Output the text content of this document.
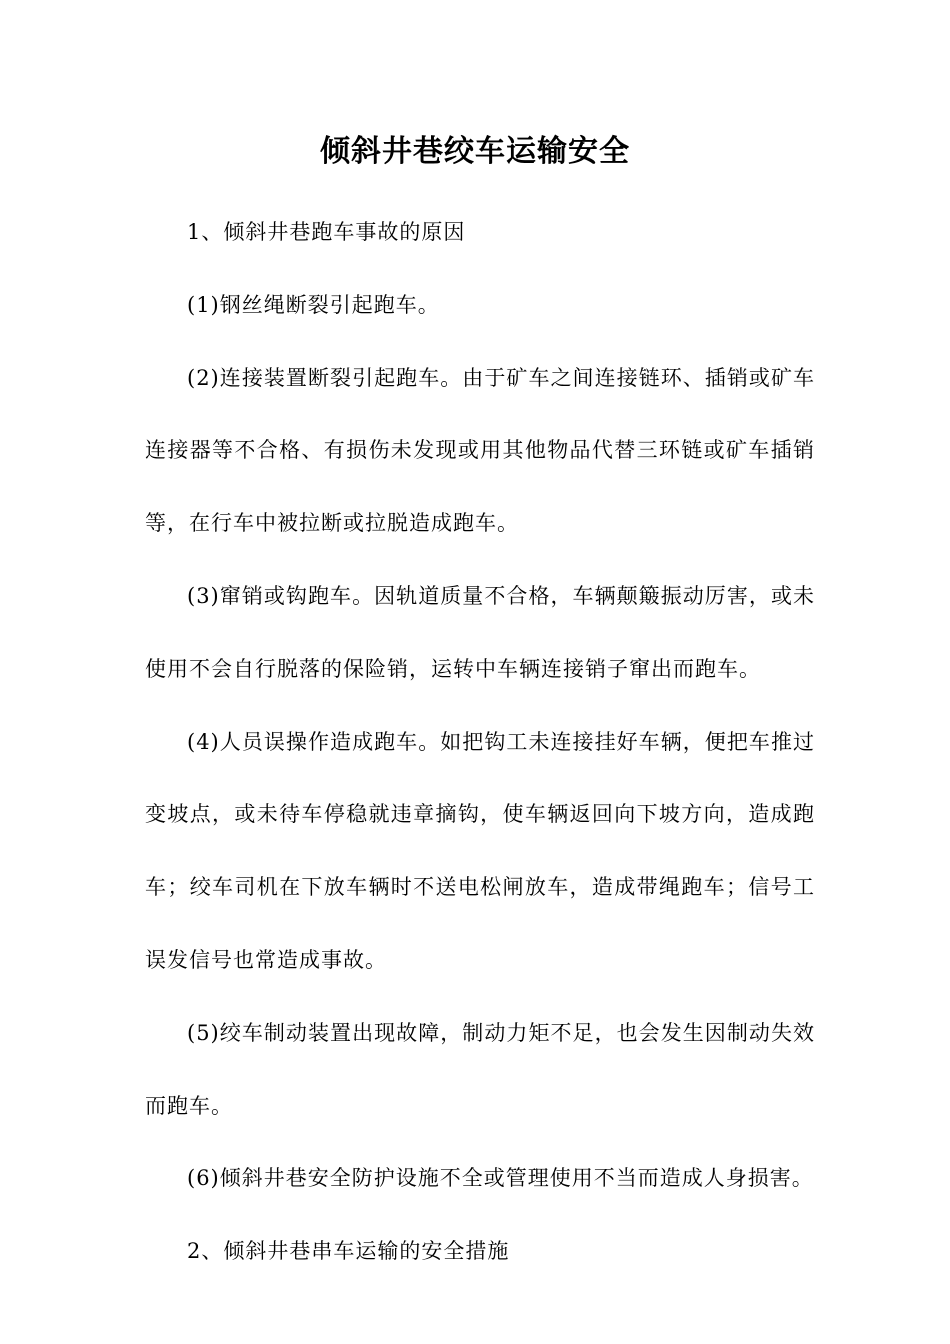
倾斜井巷绞车运输安全

1、倾斜井巷跑车事故的原因

(1)钢丝绳断裂引起跑车。

(2)连接装置断裂引起跑车。由于矿车之间连接链环、插销或矿车连接器等不合格、有损伤未发现或用其他物品代替三环链或矿车插销等，在行车中被拉断或拉脱造成跑车。

(3)窜销或钩跑车。因轨道质量不合格，车辆颠簸振动厉害，或未使用不会自行脱落的保险销，运转中车辆连接销子窜出而跑车。

(4)人员误操作造成跑车。如把钩工未连接挂好车辆，便把车推过变坡点，或未待车停稳就违章摘钩，使车辆返回向下坡方向，造成跑车；绞车司机在下放车辆时不送电松闸放车，造成带绳跑车；信号工误发信号也常造成事故。

(5)绞车制动装置出现故障，制动力矩不足，也会发生因制动失效而跑车。

(6)倾斜井巷安全防护设施不全或管理使用不当而造成人身损害。

2、倾斜井巷串车运输的安全措施
